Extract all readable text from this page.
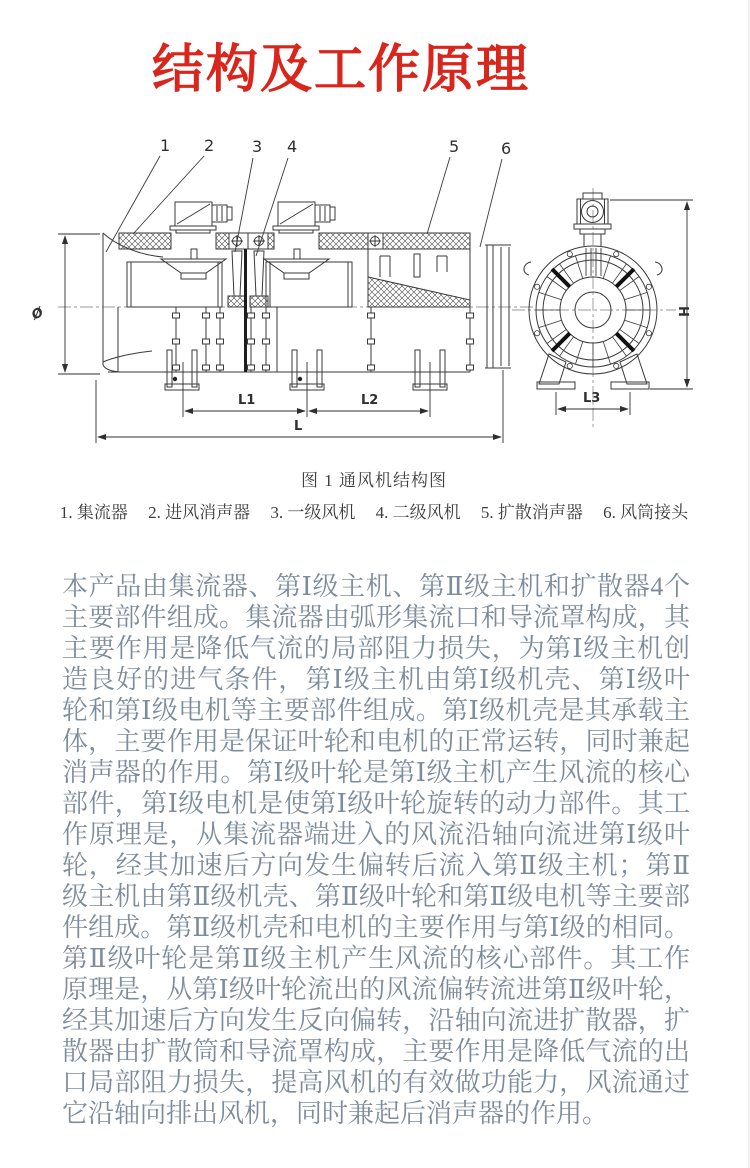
结构及工作原理
1 2 3 4	5	6
Ø
L1	L2
L
L3
H
图 1 通风机结构图
1. 集流器 2. 进风消声器 3. 一级风机 4. 二级风机 5. 扩散消声器 6. 风筒接头
本产品由集流器、第Ⅰ级主机、第Ⅱ级主机和扩散器4个主要部件组成。集流器由弧形集流口和导流罩构成，其主要作用是降低气流的局部阻力损失，为第Ⅰ级主机创造良好的进气条件，第Ⅰ级主机由第Ⅰ级机壳、第Ⅰ级叶轮和第Ⅰ级电机等主要部件组成。第Ⅰ级机壳是其承载主体，主要作用是保证叶轮和电机的正常运转，同时兼起消声器的作用。第Ⅰ级叶轮是第Ⅰ级主机产生风流的核心部件，第Ⅰ级电机是使第Ⅰ级叶轮旋转的动力部件。其工作原理是，从集流器端进入的风流沿轴向流进第Ⅰ级叶轮，经其加速后方向发生偏转后流入第Ⅱ级主机；第Ⅱ级主机由第Ⅱ级机壳、第Ⅱ级叶轮和第Ⅱ级电机等主要部件组成。第Ⅱ级机壳和电机的主要作用与第Ⅰ级的相同。第Ⅱ级叶轮是第Ⅱ级主机产生风流的核心部件。其工作原理是，从第Ⅰ级叶轮流出的风流偏转流进第Ⅱ级叶轮，经其加速后方向发生反向偏转，沿轴向流进扩散器，扩散器由扩散筒和导流罩构成，主要作用是降低气流的出口局部阻力损失，提高风机的有效做功能力，风流通过它沿轴向排出风机，同时兼起后消声器的作用。
